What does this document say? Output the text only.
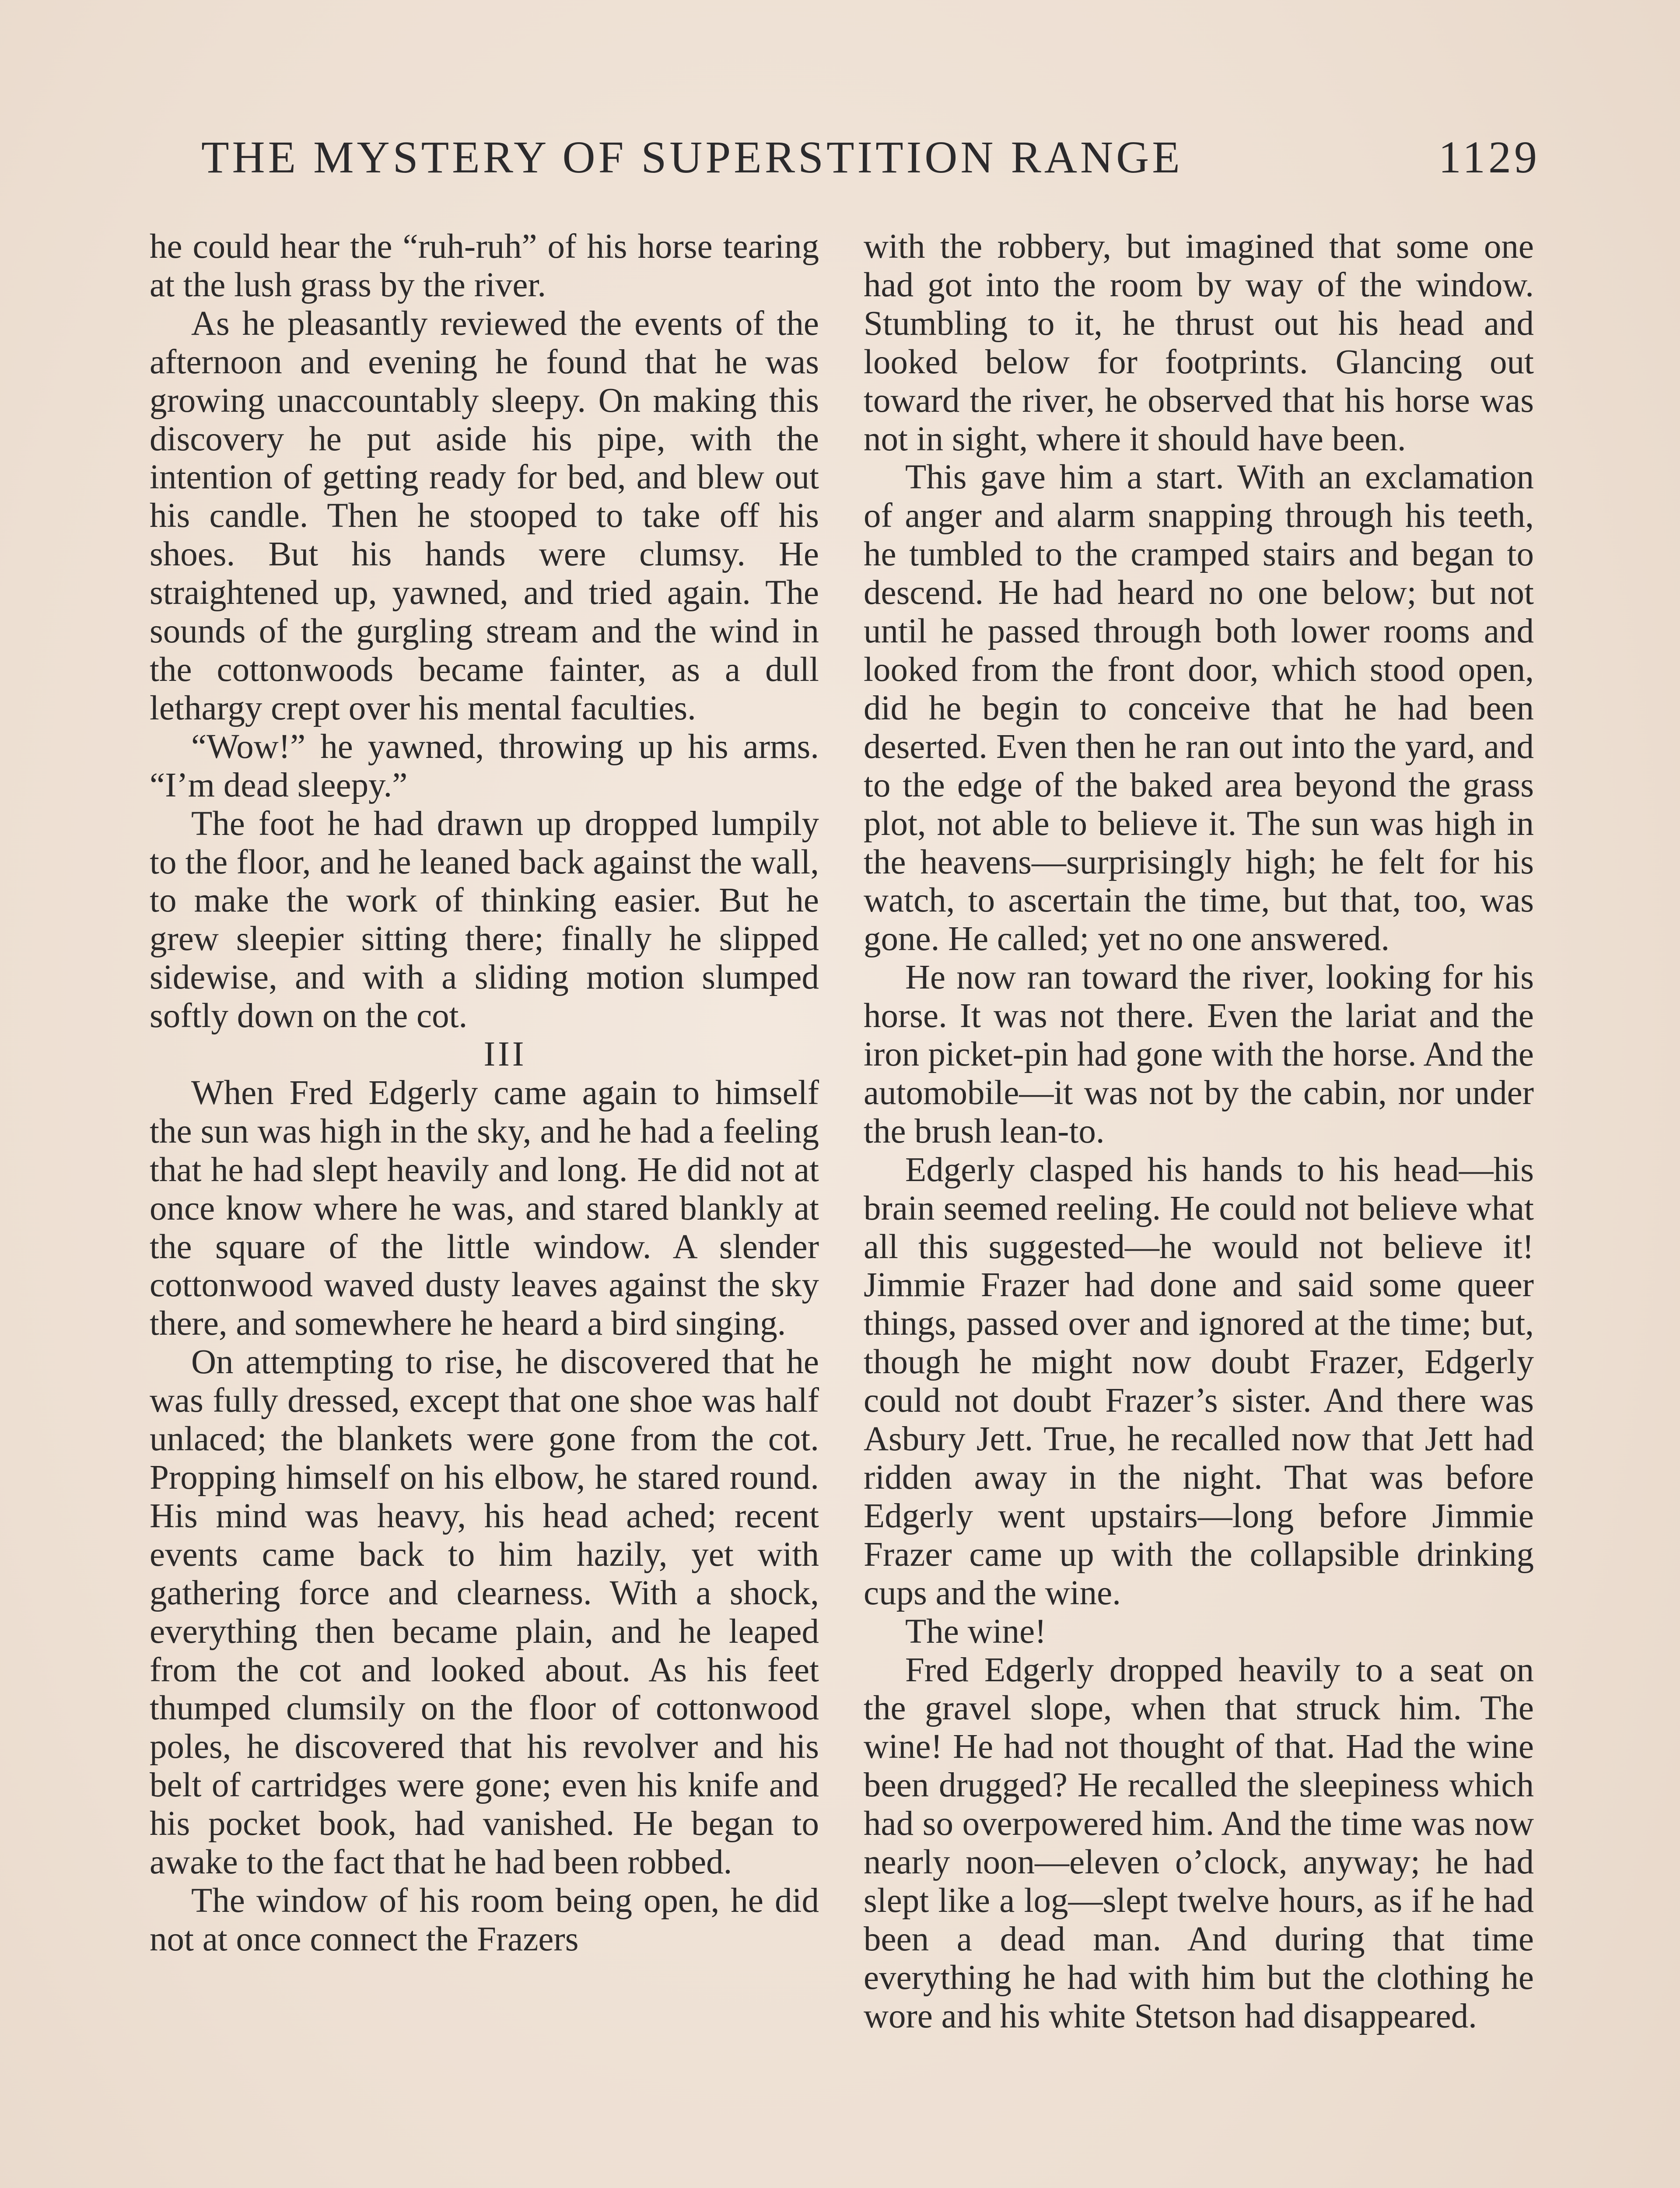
THE MYSTERY OF SUPERSTITION RANGE	1129

he could hear the “ruh-ruh” of his horse tearing at the lush grass by the river.

As he pleasantly reviewed the events of the afternoon and evening he found that he was growing unaccountably sleepy. On making this discovery he put aside his pipe, with the intention of getting ready for bed, and blew out his candle. Then he stooped to take off his shoes. But his hands were clumsy. He straightened up, yawned, and tried again. The sounds of the gurgling stream and the wind in the cottonwoods became fainter, as a dull lethargy crept over his mental faculties.

“Wow!” he yawned, throwing up his arms. “I’m dead sleepy.”

The foot he had drawn up dropped lumpily to the floor, and he leaned back against the wall, to make the work of thinking easier. But he grew sleepier sitting there; finally he slipped sidewise, and with a sliding motion slumped softly down on the cot.

III

When Fred Edgerly came again to himself the sun was high in the sky, and he had a feeling that he had slept heavily and long. He did not at once know where he was, and stared blankly at the square of the little window. A slender cottonwood waved dusty leaves against the sky there, and somewhere he heard a bird singing.

On attempting to rise, he discovered that he was fully dressed, except that one shoe was half unlaced; the blankets were gone from the cot. Propping himself on his elbow, he stared round. His mind was heavy, his head ached; recent events came back to him hazily, yet with gathering force and clearness. With a shock, everything then became plain, and he leaped from the cot and looked about. As his feet thumped clumsily on the floor of cottonwood poles, he discovered that his revolver and his belt of cartridges were gone; even his knife and his pocket book, had vanished. He began to awake to the fact that he had been robbed.

The window of his room being open, he did not at once connect the Frazers

with the robbery, but imagined that some one had got into the room by way of the window. Stumbling to it, he thrust out his head and looked below for footprints. Glancing out toward the river, he observed that his horse was not in sight, where it should have been.

This gave him a start. With an exclamation of anger and alarm snapping through his teeth, he tumbled to the cramped stairs and began to descend. He had heard no one below; but not until he passed through both lower rooms and looked from the front door, which stood open, did he begin to conceive that he had been deserted. Even then he ran out into the yard, and to the edge of the baked area beyond the grass plot, not able to believe it. The sun was high in the heavens—surprisingly high; he felt for his watch, to ascertain the time, but that, too, was gone. He called; yet no one answered.

He now ran toward the river, looking for his horse. It was not there. Even the lariat and the iron picket-pin had gone with the horse. And the automobile—it was not by the cabin, nor under the brush lean-to.

Edgerly clasped his hands to his head—his brain seemed reeling. He could not believe what all this suggested—he would not believe it! Jimmie Frazer had done and said some queer things, passed over and ignored at the time; but, though he might now doubt Frazer, Edgerly could not doubt Frazer’s sister. And there was Asbury Jett. True, he recalled now that Jett had ridden away in the night. That was before Edgerly went upstairs—long before Jimmie Frazer came up with the collapsible drinking cups and the wine.

The wine!

Fred Edgerly dropped heavily to a seat on the gravel slope, when that struck him. The wine! He had not thought of that. Had the wine been drugged? He recalled the sleepiness which had so overpowered him. And the time was now nearly noon—eleven o’clock, anyway; he had slept like a log—slept twelve hours, as if he had been a dead man. And during that time everything he had with him but the clothing he wore and his white Stetson had disappeared.
